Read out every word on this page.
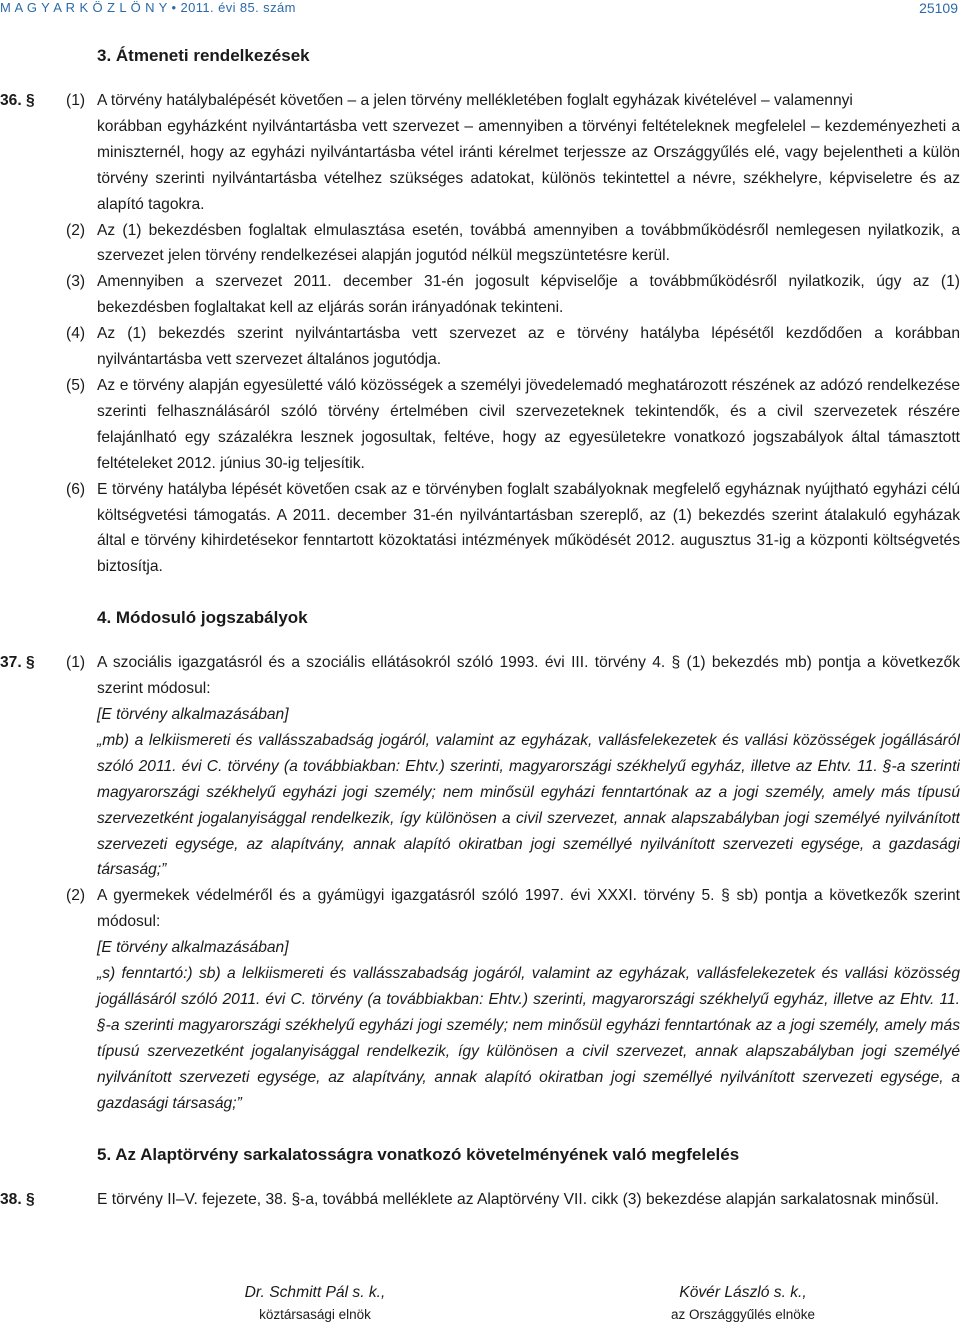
M A G Y A R K Ö Z L Ö N Y • 2011. évi 85. szám	25109
3. Átmeneti rendelkezések
36. § (1) A törvény hatálybalépését követően – a jelen törvény mellékletében foglalt egyházak kivételével – valamennyi
korábban egyházként nyilvántartásba vett szervezet – amennyiben a törvényi feltételeknek megfelelel – kezdeményezheti a miniszternél, hogy az egyházi nyilvántartásba vétel iránti kérelmet terjessze az Országgyűlés elé, vagy bejelentheti a külön törvény szerinti nyilvántartásba vételhez szükséges adatokat, különös tekintettel a névre, székhelyre, képviseletre és az alapító tagokra.
(2) Az (1) bekezdésben foglaltak elmulasztása esetén, továbbá amennyiben a továbbműködésről nemlegesen nyilatkozik, a szervezet jelen törvény rendelkezései alapján jogutód nélkül megszüntetésre kerül.
(3) Amennyiben a szervezet 2011. december 31-én jogosult képviselője a továbbműködésről nyilatkozik, úgy az (1) bekezdésben foglaltakat kell az eljárás során irányadónak tekinteni.
(4) Az (1) bekezdés szerint nyilvántartásba vett szervezet az e törvény hatályba lépésétől kezdődően a korábban nyilvántartásba vett szervezet általános jogutódja.
(5) Az e törvény alapján egyesületté váló közösségek a személyi jövedelemadó meghatározott részének az adózó rendelkezése szerinti felhasználásáról szóló törvény értelmében civil szervezeteknek tekintendők, és a civil szervezetek részére felajánlható egy százalékra lesznek jogosultak, feltéve, hogy az egyesületekre vonatkozó jogszabályok által támasztott feltételeket 2012. június 30-ig teljesítik.
(6) E törvény hatályba lépését követően csak az e törvényben foglalt szabályoknak megfelelő egyháznak nyújtható egyházi célú költségvetési támogatás. A 2011. december 31-én nyilvántartásban szereplő, az (1) bekezdés szerint átalakuló egyházak által e törvény kihirdetésekor fenntartott közoktatási intézmények működését 2012. augusztus 31-ig a központi költségvetés biztosítja.
4. Módosuló jogszabályok
37. § (1) A szociális igazgatásról és a szociális ellátásokról szóló 1993. évi III. törvény 4. § (1) bekezdés mb) pontja a következők szerint módosul:
[E törvény alkalmazásában]
„mb) a lelkiismereti és vallásszabadság jogáról, valamint az egyházak, vallásfelekezetek és vallási közösségek jogállásáról szóló 2011. évi C. törvény (a továbbiakban: Ehtv.) szerinti, magyarországi székhelyű egyház, illetve az Ehtv. 11. §-a szerinti magyarországi székhelyű egyházi jogi személy; nem minősül egyházi fenntartónak az a jogi személy, amely más típusú szervezetként jogalanyisággal rendelkezik, így különösen a civil szervezet, annak alapszabályban jogi személyé nyilvánított szervezeti egysége, az alapítvány, annak alapító okiratban jogi személlyé nyilvánított szervezeti egysége, a gazdasági társaság;”
(2) A gyermekek védelméről és a gyámügyi igazgatásról szóló 1997. évi XXXI. törvény 5. § sb) pontja a következők szerint módosul:
[E törvény alkalmazásában]
„s) fenntartó:) sb) a lelkiismereti és vallásszabadság jogáról, valamint az egyházak, vallásfelekezetek és vallási közösség jogállásáról szóló 2011. évi C. törvény (a továbbiakban: Ehtv.) szerinti, magyarországi székhelyű egyház, illetve az Ehtv. 11. §-a szerinti magyarországi székhelyű egyházi jogi személy; nem minősül egyházi fenntartónak az a jogi személy, amely más típusú szervezetként jogalanyisággal rendelkezik, így különösen a civil szervezet, annak alapszabályban jogi személyé nyilvánított szervezeti egysége, az alapítvány, annak alapító okiratban jogi személlyé nyilvánított szervezeti egysége, a gazdasági társaság;”
5. Az Alaptörvény sarkalatosságra vonatkozó követelményének való megfelelés
38. §	E törvény II–V. fejezete, 38. §-a, továbbá melléklete az Alaptörvény VII. cikk (3) bekezdése alapján sarkalatosnak minősül.
Dr. Schmitt Pál s. k.,
köztársasági elnök
Kövér László s. k.,
az Országgyűlés elnöke
